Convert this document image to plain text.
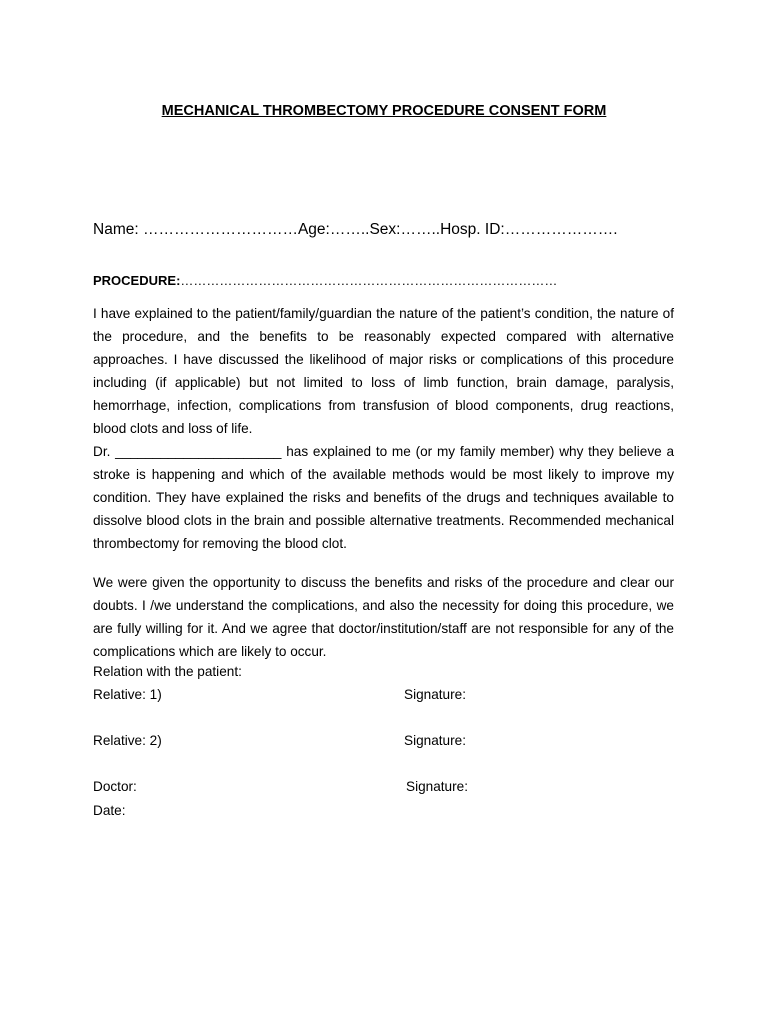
MECHANICAL THROMBECTOMY PROCEDURE CONSENT FORM

Name: …………………………Age:……..Sex:……..Hosp. ID:………………….

PROCEDURE:……………………………………………………………………………

I have explained to the patient/family/guardian the nature of the patient’s condition, the nature of the procedure, and the benefits to be reasonably expected compared with alternative approaches. I have discussed the likelihood of major risks or complications of this procedure including (if applicable) but not limited to loss of limb function, brain damage, paralysis, hemorrhage, infection, complications from transfusion of blood components, drug reactions, blood clots and loss of life.

Dr. ______________________ has explained to me (or my family member) why they believe a stroke is happening and which of the available methods would be most likely to improve my condition. They have explained the risks and benefits of the drugs and techniques available to dissolve blood clots in the brain and possible alternative treatments. Recommended mechanical thrombectomy for removing the blood clot.

We were given the opportunity to discuss the benefits and risks of the procedure and clear our doubts. I /we understand the complications, and also the necessity for doing this procedure, we are fully willing for it. And we agree that doctor/institution/staff are not responsible for any of the complications which are likely to occur.

Relation with the patient:

Relative: 1)	Signature:

Relative: 2)	Signature:

Doctor:	Signature:

Date:
